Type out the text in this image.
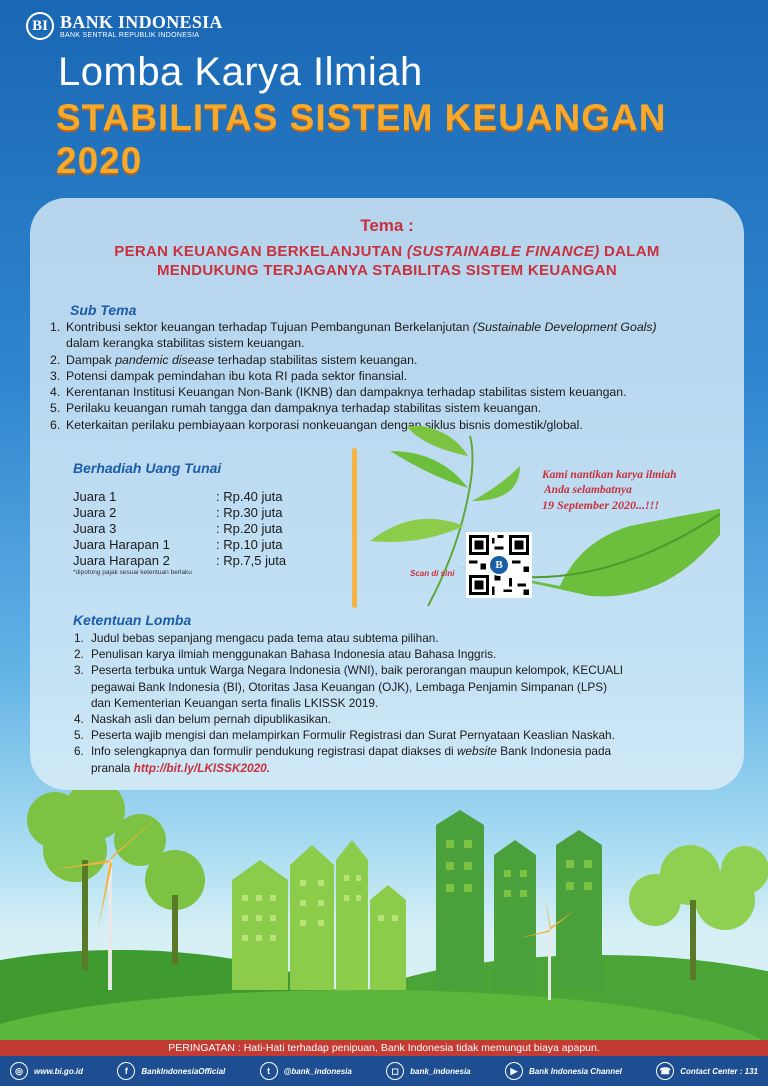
BI BANK INDONESIA
BANK SENTRAL REPUBLIK INDONESIA
Lomba Karya Ilmiah
STABILITAS SISTEM KEUANGAN
2020
Tema :
PERAN KEUANGAN BERKELANJUTAN (SUSTAINABLE FINANCE) DALAM
MENDUKUNG TERJAGANYA STABILITAS SISTEM KEUANGAN
Sub Tema
1. Kontribusi sektor keuangan terhadap Tujuan Pembangunan Berkelanjutan (Sustainable Development Goals)
dalam kerangka stabilitas sistem keuangan.
2. Dampak pandemic disease terhadap stabilitas sistem keuangan.
3. Potensi dampak pemindahan ibu kota RI pada sektor finansial.
4. Kerentanan Institusi Keuangan Non-Bank (IKNB) dan dampaknya terhadap stabilitas sistem keuangan.
5. Perilaku keuangan rumah tangga dan dampaknya terhadap stabilitas sistem keuangan.
6. Keterkaitan perilaku pembiayaan korporasi nonkeuangan dengan siklus bisnis domestik/global.
Berhadiah Uang Tunai
Juara 1	: Rp.40 juta
Juara 2	: Rp.30 juta
Juara 3	: Rp.20 juta
Juara Harapan 1	: Rp.10 juta
Juara Harapan 2	: Rp.7,5 juta
*dipotong pajak sesuai ketentuan berlaku
Kami nantikan karya ilmiah
Anda selambatnya
19 September 2020...!!!
B
Scan di sini
Ketentuan Lomba
1. Judul bebas sepanjang mengacu pada tema atau subtema pilihan.
2. Penulisan karya ilmiah menggunakan Bahasa Indonesia atau Bahasa Inggris.
3. Peserta terbuka untuk Warga Negara Indonesia (WNI), baik perorangan maupun kelompok, KECUALI
pegawai Bank Indonesia (BI), Otoritas Jasa Keuangan (OJK), Lembaga Penjamin Simpanan (LPS)
dan Kementerian Keuangan serta finalis LKISSK 2019.
4. Naskah asli dan belum pernah dipublikasikan.
5. Peserta wajib mengisi dan melampirkan Formulir Registrasi dan Surat Pernyataan Keaslian Naskah.
6. Info selengkapnya dan formulir pendukung registrasi dapat diakses di website Bank Indonesia pada
pranala http://bit.ly/LKISSK2020.
PERINGATAN : Hati-Hati terhadap penipuan, Bank Indonesia tidak memungut biaya apapun.
◎	www.bi.go.id	f	BankIndonesiaOfficial	t	@bank_indonesia	◻	bank_indonesia	▶	Bank Indonesia Channel	☎	Contact Center : 131
